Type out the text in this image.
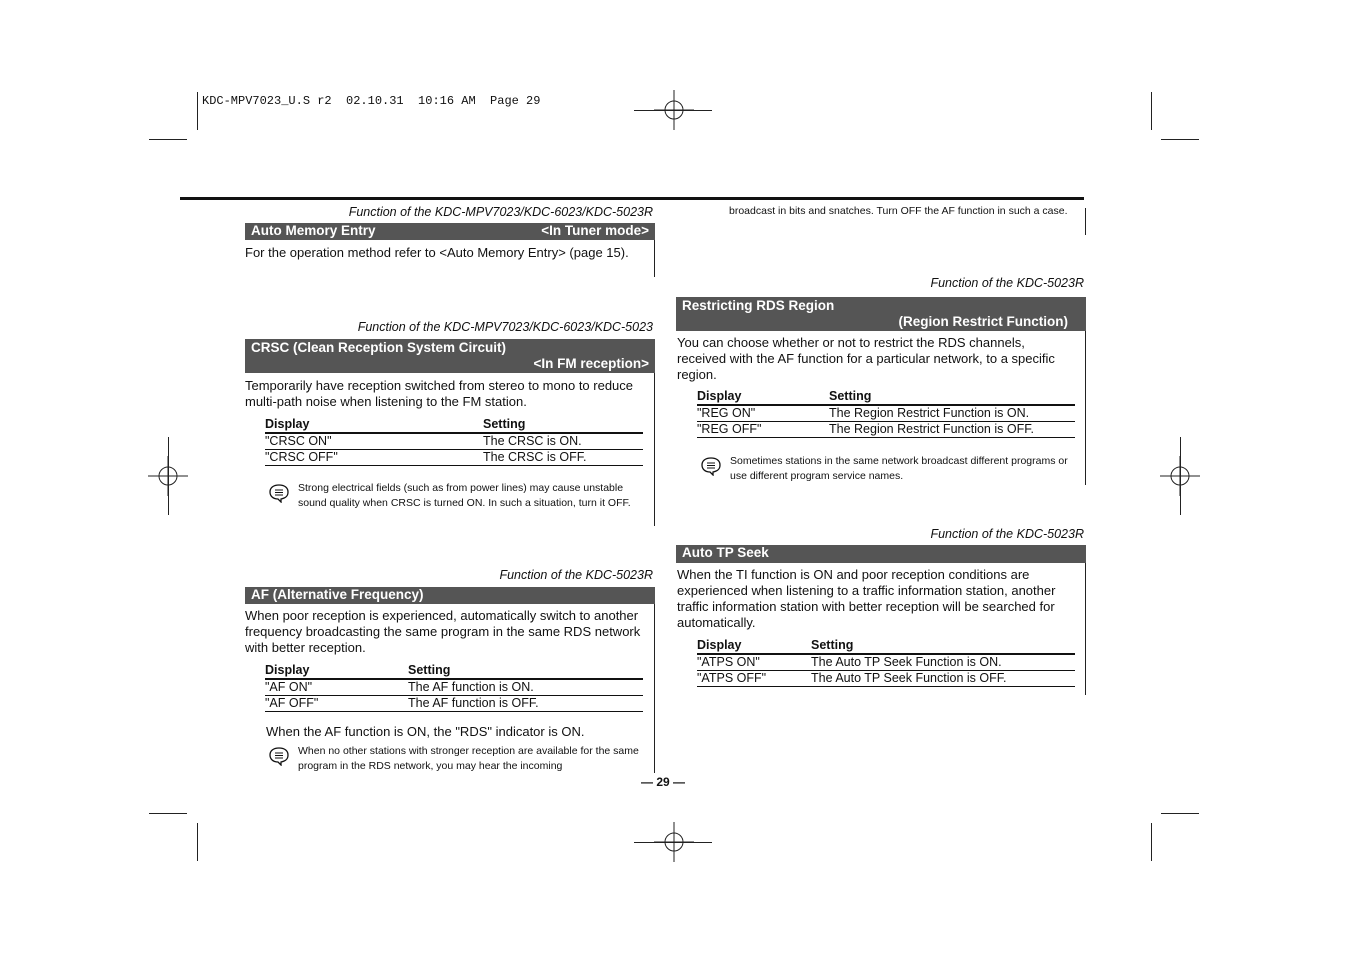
KDC-MPV7023_U.S r2  02.10.31  10:16 AM  Page 29
Function of the KDC-MPV7023/KDC-6023/KDC-5023R
Auto Memory Entry	<In Tuner mode>
For the operation method refer to <Auto Memory Entry> (page 15).
Function of the KDC-MPV7023/KDC-6023/KDC-5023
CRSC (Clean Reception System Circuit)
<In FM reception>
Temporarily have reception switched from stereo to mono to reduce multi-path noise when listening to the FM station.
Display	Setting
"CRSC ON"	The CRSC is ON.
"CRSC OFF"	The CRSC is OFF.
Strong electrical fields (such as from power lines) may cause unstable sound quality when CRSC is turned ON. In such a situation, turn it OFF.
Function of the KDC-5023R
AF (Alternative Frequency)
When poor reception is experienced, automatically switch to another frequency broadcasting the same program in the same RDS network with better reception.
Display	Setting
"AF ON"	The AF function is ON.
"AF OFF"	The AF function is OFF.
When the AF function is ON, the "RDS" indicator is ON.
When no other stations with stronger reception are available for the same program in the RDS network, you may hear the incoming
broadcast in bits and snatches. Turn OFF the AF function in such a case.
Function of the KDC-5023R
Restricting RDS Region
(Region Restrict Function)
You can choose whether or not to restrict the RDS channels, received with the AF function for a particular network, to a specific region.
Display	Setting
"REG ON"	The Region Restrict Function is ON.
"REG OFF"	The Region Restrict Function is OFF.
Sometimes stations in the same network broadcast different programs or use different program service names.
Function of the KDC-5023R
Auto TP Seek
When the TI function is ON and poor reception conditions are experienced when listening to a traffic information station, another traffic information station with better reception will be searched for automatically.
Display	Setting
"ATPS ON"	The Auto TP Seek Function is ON.
"ATPS OFF"	The Auto TP Seek Function is OFF.
— 29 —
